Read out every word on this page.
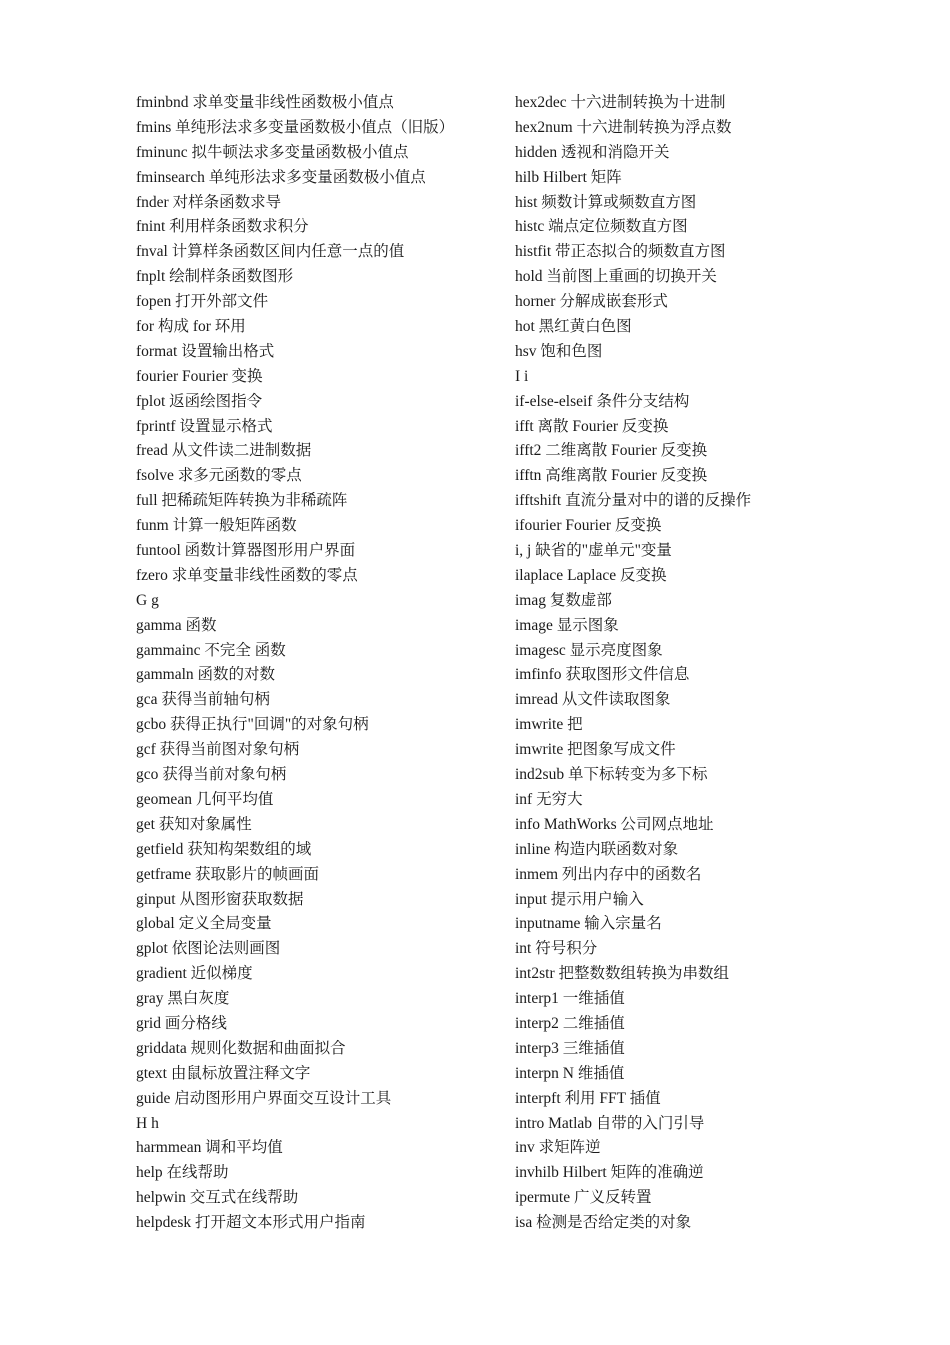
fminbnd 求单变量非线性函数极小值点
fmins 单纯形法求多变量函数极小值点（旧版）
fminunc 拟牛顿法求多变量函数极小值点
fminsearch 单纯形法求多变量函数极小值点
fnder 对样条函数求导
fnint 利用样条函数求积分
fnval 计算样条函数区间内任意一点的值
fnplt 绘制样条函数图形
fopen 打开外部文件
for 构成 for 环用
format 设置输出格式
fourier Fourier 变换
fplot 返函绘图指令
fprintf 设置显示格式
fread 从文件读二进制数据
fsolve 求多元函数的零点
full 把稀疏矩阵转换为非稀疏阵
funm 计算一般矩阵函数
funtool 函数计算器图形用户界面
fzero 求单变量非线性函数的零点
G g
gamma 函数
gammainc 不完全 函数
gammaln 函数的对数
gca 获得当前轴句柄
gcbo 获得正执行"回调"的对象句柄
gcf 获得当前图对象句柄
gco 获得当前对象句柄
geomean 几何平均值
get 获知对象属性
getfield 获知构架数组的域
getframe 获取影片的帧画面
ginput 从图形窗获取数据
global 定义全局变量
gplot 依图论法则画图
gradient 近似梯度
gray 黑白灰度
grid 画分格线
griddata 规则化数据和曲面拟合
gtext 由鼠标放置注释文字
guide 启动图形用户界面交互设计工具
H h
harmmean 调和平均值
help 在线帮助
helpwin 交互式在线帮助
helpdesk 打开超文本形式用户指南
hex2dec 十六进制转换为十进制
hex2num 十六进制转换为浮点数
hidden 透视和消隐开关
hilb Hilbert 矩阵
hist 频数计算或频数直方图
histc 端点定位频数直方图
histfit 带正态拟合的频数直方图
hold 当前图上重画的切换开关
horner 分解成嵌套形式
hot 黑红黄白色图
hsv 饱和色图
I i
if-else-elseif 条件分支结构
ifft 离散 Fourier 反变换
ifft2 二维离散 Fourier 反变换
ifftn 高维离散 Fourier 反变换
ifftshift 直流分量对中的谱的反操作
ifourier Fourier 反变换
i, j 缺省的"虚单元"变量
ilaplace Laplace 反变换
imag 复数虚部
image 显示图象
imagesc 显示亮度图象
imfinfo 获取图形文件信息
imread 从文件读取图象
imwrite 把
imwrite 把图象写成文件
ind2sub 单下标转变为多下标
inf 无穷大
info MathWorks 公司网点地址
inline 构造内联函数对象
inmem 列出内存中的函数名
input 提示用户输入
inputname 输入宗量名
int 符号积分
int2str 把整数数组转换为串数组
interp1 一维插值
interp2 二维插值
interp3 三维插值
interpn N 维插值
interpft 利用 FFT 插值
intro Matlab 自带的入门引导
inv 求矩阵逆
invhilb Hilbert 矩阵的准确逆
ipermute 广义反转置
isa 检测是否给定类的对象
